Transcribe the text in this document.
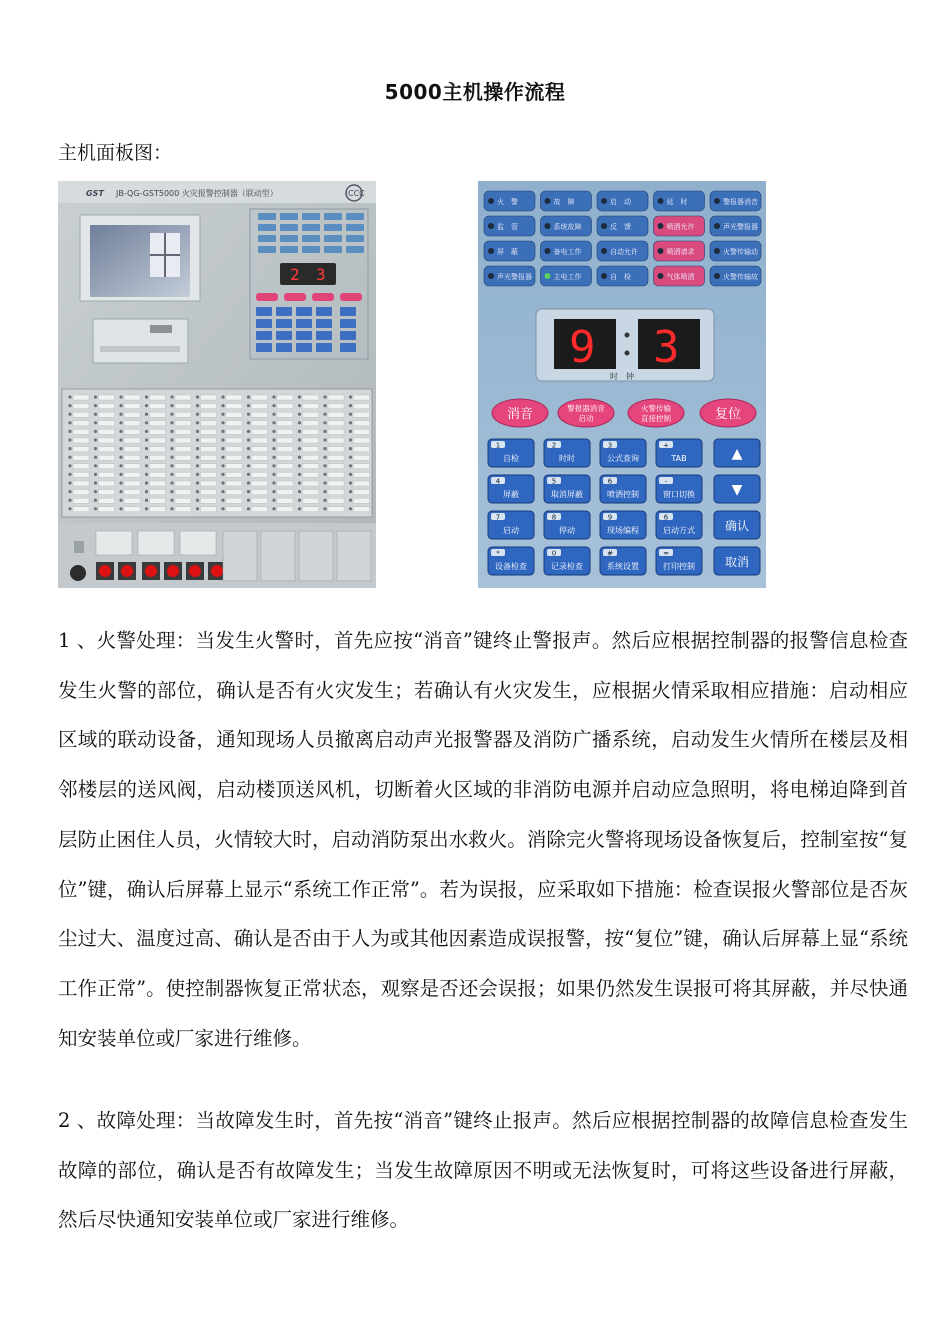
5000主机操作流程
主机面板图：
GST JB-QG-GST5000 火灾报警控制器（联动型）	CCC
2 3
火　警	故　障	启　动	延　时	警报器消音
监　管	系统故障	反　馈	喷洒允许	声光警报器
屏　蔽	备电工作	自动允许	喷洒请求	火警传输动
声光警报器	主电工作	自　检	气体喷洒	火警传输故
9 3
时　钟
消音	警报器消音
启动
火警传输
直接控制	复位
1
自检
2
时时
3
公式查询
+
TAB
4
屏蔽
5
取消屏蔽
6
喷洒控制
-
窗口切换
7
启动
8
停动
9
现场编程
6
启动方式
*
设备检查
0
记录检查
#
系统设置
=
打印控制
▲
▼
确认
取消

1 、火警处理：当发生火警时，首先应按“消音”键终止警报声。然后应根据控制器的报警信息检查发生火警的部位，确认是否有火灾发生；若确认有火灾发生，应根据火情采取相应措施：启动相应区域的联动设备，通知现场人员撤离启动声光报警器及消防广播系统，启动发生火情所在楼层及相邻楼层的送风阀，启动楼顶送风机，切断着火区域的非消防电源并启动应急照明，将电梯迫降到首层防止困住人员，火情较大时，启动消防泵出水救火。消除完火警将现场设备恢复后，控制室按“复位”键，确认后屏幕上显示“系统工作正常”。若为误报，应采取如下措施：检查误报火警部位是否灰尘过大、温度过高、确认是否由于人为或其他因素造成误报警，按“复位”键，确认后屏幕上显“系统工作正常”。使控制器恢复正常状态，观察是否还会误报；如果仍然发生误报可将其屏蔽，并尽快通知安装单位或厂家进行维修。

2 、故障处理：当故障发生时，首先按“消音”键终止报声。然后应根据控制器的故障信息检查发生故障的部位，确认是否有故障发生；当发生故障原因不明或无法恢复时，可将这些设备进行屏蔽，然后尽快通知安装单位或厂家进行维修。
